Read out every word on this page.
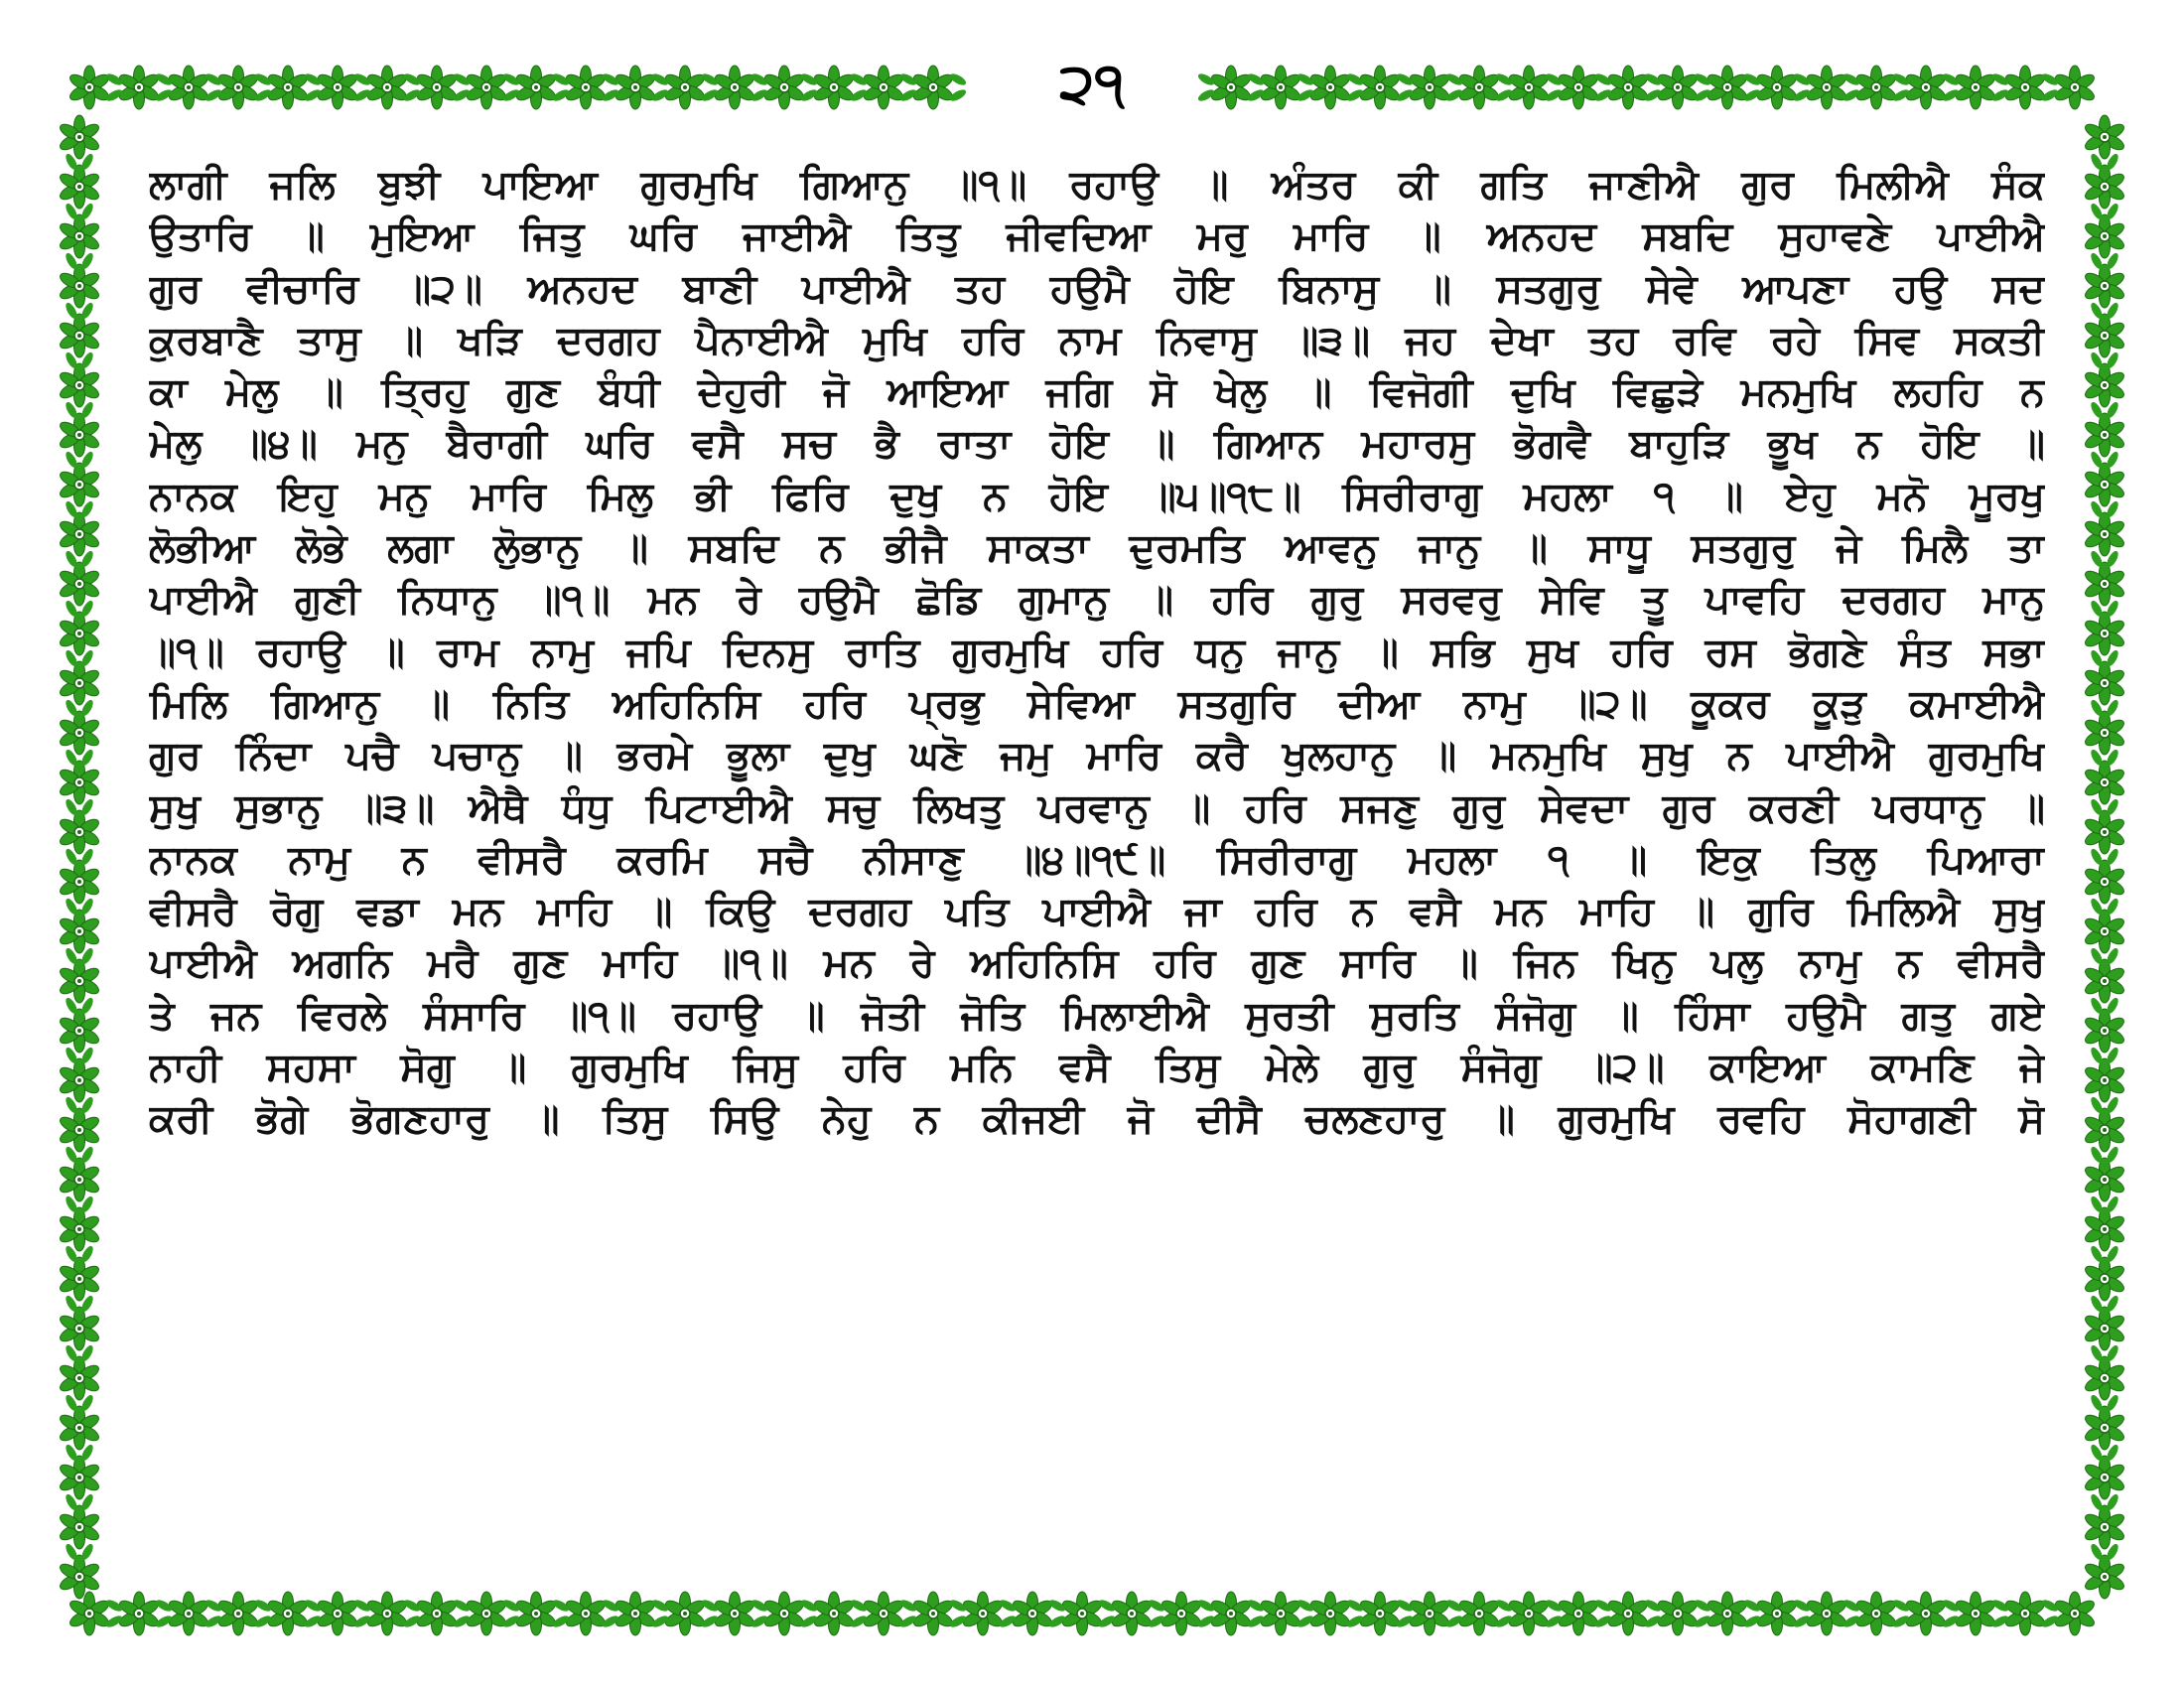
੨੧
ਲਾਗੀ ਜਲਿ ਬੁਝੀ ਪਾਇਆ ਗੁਰਮੁਖਿ ਗਿਆਨੁ ॥੧॥ ਰਹਾਉ ॥ ਅੰਤਰ ਕੀ ਗਤਿ ਜਾਣੀਐ ਗੁਰ ਮਿਲੀਐ ਸੰਕ
ਉਤਾਰਿ ॥ ਮੁਇਆ ਜਿਤੁ ਘਰਿ ਜਾਈਐ ਤਿਤੁ ਜੀਵਦਿਆ ਮਰੁ ਮਾਰਿ ॥ ਅਨਹਦ ਸਬਦਿ ਸੁਹਾਵਣੇ ਪਾਈਐ
ਗੁਰ ਵੀਚਾਰਿ ॥੨॥ ਅਨਹਦ ਬਾਣੀ ਪਾਈਐ ਤਹ ਹਉਮੈ ਹੋਇ ਬਿਨਾਸੁ ॥ ਸਤਗੁਰੁ ਸੇਵੇ ਆਪਣਾ ਹਉ ਸਦ
ਕੁਰਬਾਣੈ ਤਾਸੁ ॥ ਖੜਿ ਦਰਗਹ ਪੈਨਾਈਐ ਮੁਖਿ ਹਰਿ ਨਾਮ ਨਿਵਾਸੁ ॥੩॥ ਜਹ ਦੇਖਾ ਤਹ ਰਵਿ ਰਹੇ ਸਿਵ ਸਕਤੀ
ਕਾ ਮੇਲੁ ॥ ਤ੍ਰਿਹੁ ਗੁਣ ਬੰਧੀ ਦੇਹੁਰੀ ਜੋ ਆਇਆ ਜਗਿ ਸੋ ਖੇਲੁ ॥ ਵਿਜੋਗੀ ਦੁਖਿ ਵਿਛੁੜੇ ਮਨਮੁਖਿ ਲਹਹਿ ਨ
ਮੇਲੁ ॥੪॥ ਮਨੁ ਬੈਰਾਗੀ ਘਰਿ ਵਸੈ ਸਚ ਭੈ ਰਾਤਾ ਹੋਇ ॥ ਗਿਆਨ ਮਹਾਰਸੁ ਭੋਗਵੈ ਬਾਹੁੜਿ ਭੂਖ ਨ ਹੋਇ ॥
ਨਾਨਕ ਇਹੁ ਮਨੁ ਮਾਰਿ ਮਿਲੁ ਭੀ ਫਿਰਿ ਦੁਖੁ ਨ ਹੋਇ ॥੫॥੧੮॥ ਸਿਰੀਰਾਗੁ ਮਹਲਾ ੧ ॥ ਏਹੁ ਮਨੋ ਮੂਰਖੁ
ਲੋਭੀਆ ਲੋਭੇ ਲਗਾ ਲੋੁਭਾਨੁ ॥ ਸਬਦਿ ਨ ਭੀਜੈ ਸਾਕਤਾ ਦੁਰਮਤਿ ਆਵਨੁ ਜਾਨੁ ॥ ਸਾਧੂ ਸਤਗੁਰੁ ਜੇ ਮਿਲੈ ਤਾ
ਪਾਈਐ ਗੁਣੀ ਨਿਧਾਨੁ ॥੧॥ ਮਨ ਰੇ ਹਉਮੈ ਛੋਡਿ ਗੁਮਾਨੁ ॥ ਹਰਿ ਗੁਰੁ ਸਰਵਰੁ ਸੇਵਿ ਤੂ ਪਾਵਹਿ ਦਰਗਹ ਮਾਨੁ
॥੧॥ ਰਹਾਉ ॥ ਰਾਮ ਨਾਮੁ ਜਪਿ ਦਿਨਸੁ ਰਾਤਿ ਗੁਰਮੁਖਿ ਹਰਿ ਧਨੁ ਜਾਨੁ ॥ ਸਭਿ ਸੁਖ ਹਰਿ ਰਸ ਭੋਗਣੇ ਸੰਤ ਸਭਾ
ਮਿਲਿ ਗਿਆਨੁ ॥ ਨਿਤਿ ਅਹਿਨਿਸਿ ਹਰਿ ਪ੍ਰਭੁ ਸੇਵਿਆ ਸਤਗੁਰਿ ਦੀਆ ਨਾਮੁ ॥੨॥ ਕੂਕਰ ਕੂੜੁ ਕਮਾਈਐ
ਗੁਰ ਨਿੰਦਾ ਪਚੈ ਪਚਾਨੁ ॥ ਭਰਮੇ ਭੂਲਾ ਦੁਖੁ ਘਣੋ ਜਮੁ ਮਾਰਿ ਕਰੈ ਖੁਲਹਾਨੁ ॥ ਮਨਮੁਖਿ ਸੁਖੁ ਨ ਪਾਈਐ ਗੁਰਮੁਖਿ
ਸੁਖੁ ਸੁਭਾਨੁ ॥੩॥ ਐਥੈ ਧੰਧੁ ਪਿਟਾਈਐ ਸਚੁ ਲਿਖਤੁ ਪਰਵਾਨੁ ॥ ਹਰਿ ਸਜਣੁ ਗੁਰੁ ਸੇਵਦਾ ਗੁਰ ਕਰਣੀ ਪਰਧਾਨੁ ॥
ਨਾਨਕ ਨਾਮੁ ਨ ਵੀਸਰੈ ਕਰਮਿ ਸਚੈ ਨੀਸਾਣੁ ॥੪॥੧੯॥ ਸਿਰੀਰਾਗੁ ਮਹਲਾ ੧ ॥ ਇਕੁ ਤਿਲੁ ਪਿਆਰਾ
ਵੀਸਰੈ ਰੋਗੁ ਵਡਾ ਮਨ ਮਾਹਿ ॥ ਕਿਉ ਦਰਗਹ ਪਤਿ ਪਾਈਐ ਜਾ ਹਰਿ ਨ ਵਸੈ ਮਨ ਮਾਹਿ ॥ ਗੁਰਿ ਮਿਲਿਐ ਸੁਖੁ
ਪਾਈਐ ਅਗਨਿ ਮਰੈ ਗੁਣ ਮਾਹਿ ॥੧॥ ਮਨ ਰੇ ਅਹਿਨਿਸਿ ਹਰਿ ਗੁਣ ਸਾਰਿ ॥ ਜਿਨ ਖਿਨੁ ਪਲੁ ਨਾਮੁ ਨ ਵੀਸਰੈ
ਤੇ ਜਨ ਵਿਰਲੇ ਸੰਸਾਰਿ ॥੧॥ ਰਹਾਉ ॥ ਜੋਤੀ ਜੋਤਿ ਮਿਲਾਈਐ ਸੁਰਤੀ ਸੁਰਤਿ ਸੰਜੋਗੁ ॥ ਹਿੰਸਾ ਹਉਮੈ ਗਤੁ ਗਏ
ਨਾਹੀ ਸਹਸਾ ਸੋਗੁ ॥ ਗੁਰਮੁਖਿ ਜਿਸੁ ਹਰਿ ਮਨਿ ਵਸੈ ਤਿਸੁ ਮੇਲੇ ਗੁਰੁ ਸੰਜੋਗੁ ॥੨॥ ਕਾਇਆ ਕਾਮਣਿ ਜੇ
ਕਰੀ ਭੋਗੇ ਭੋਗਣਹਾਰੁ ॥ ਤਿਸੁ ਸਿਉ ਨੇਹੁ ਨ ਕੀਜਈ ਜੋ ਦੀਸੈ ਚਲਣਹਾਰੁ ॥ ਗੁਰਮੁਖਿ ਰਵਹਿ ਸੋਹਾਗਣੀ ਸੋ
